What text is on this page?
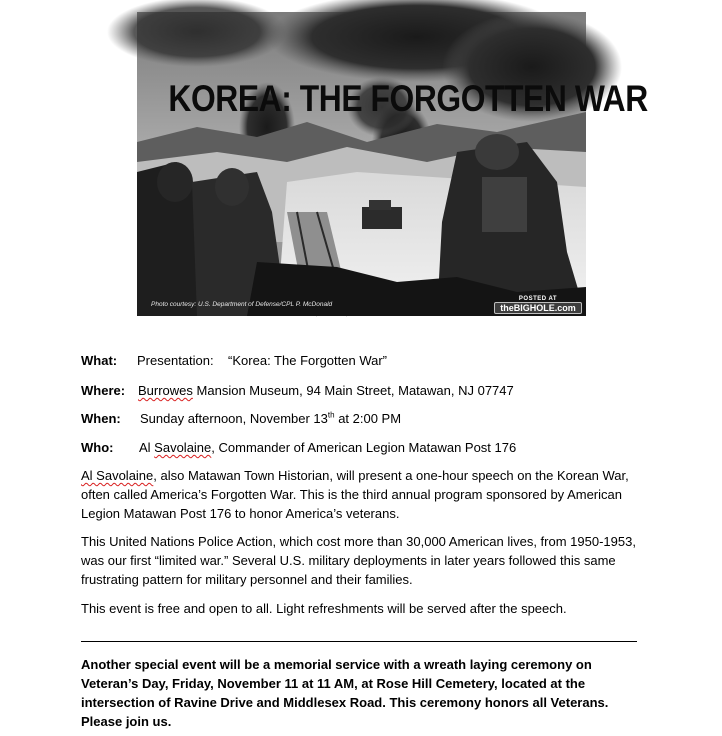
KOREA: THE FORGOTTEN WAR
Photo courtesy: U.S. Department of Defense/CPL P. McDonald
POSTED AT
theBIGHOLE.com
What: Presentation:    “Korea: The Forgotten War”
Where: Burrowes Mansion Museum, 94 Main Street, Matawan, NJ 07747
When: Sunday afternoon, November 13th at 2:00 PM
Who: Al Savolaine, Commander of American Legion Matawan Post 176

Al Savolaine, also Matawan Town Historian, will present a one-hour speech on the Korean War, often called America’s Forgotten War. This is the third annual program sponsored by American Legion Matawan Post 176 to honor America’s veterans.

This United Nations Police Action, which cost more than 30,000 American lives, from 1950-1953, was our first “limited war.” Several U.S. military deployments in later years followed this same frustrating pattern for military personnel and their families.

This event is free and open to all. Light refreshments will be served after the speech.

Another special event will be a memorial service with a wreath laying ceremony on Veteran’s Day, Friday, November 11 at 11 AM, at Rose Hill Cemetery, located at the intersection of Ravine Drive and Middlesex Road. This ceremony honors all Veterans. Please join us.
